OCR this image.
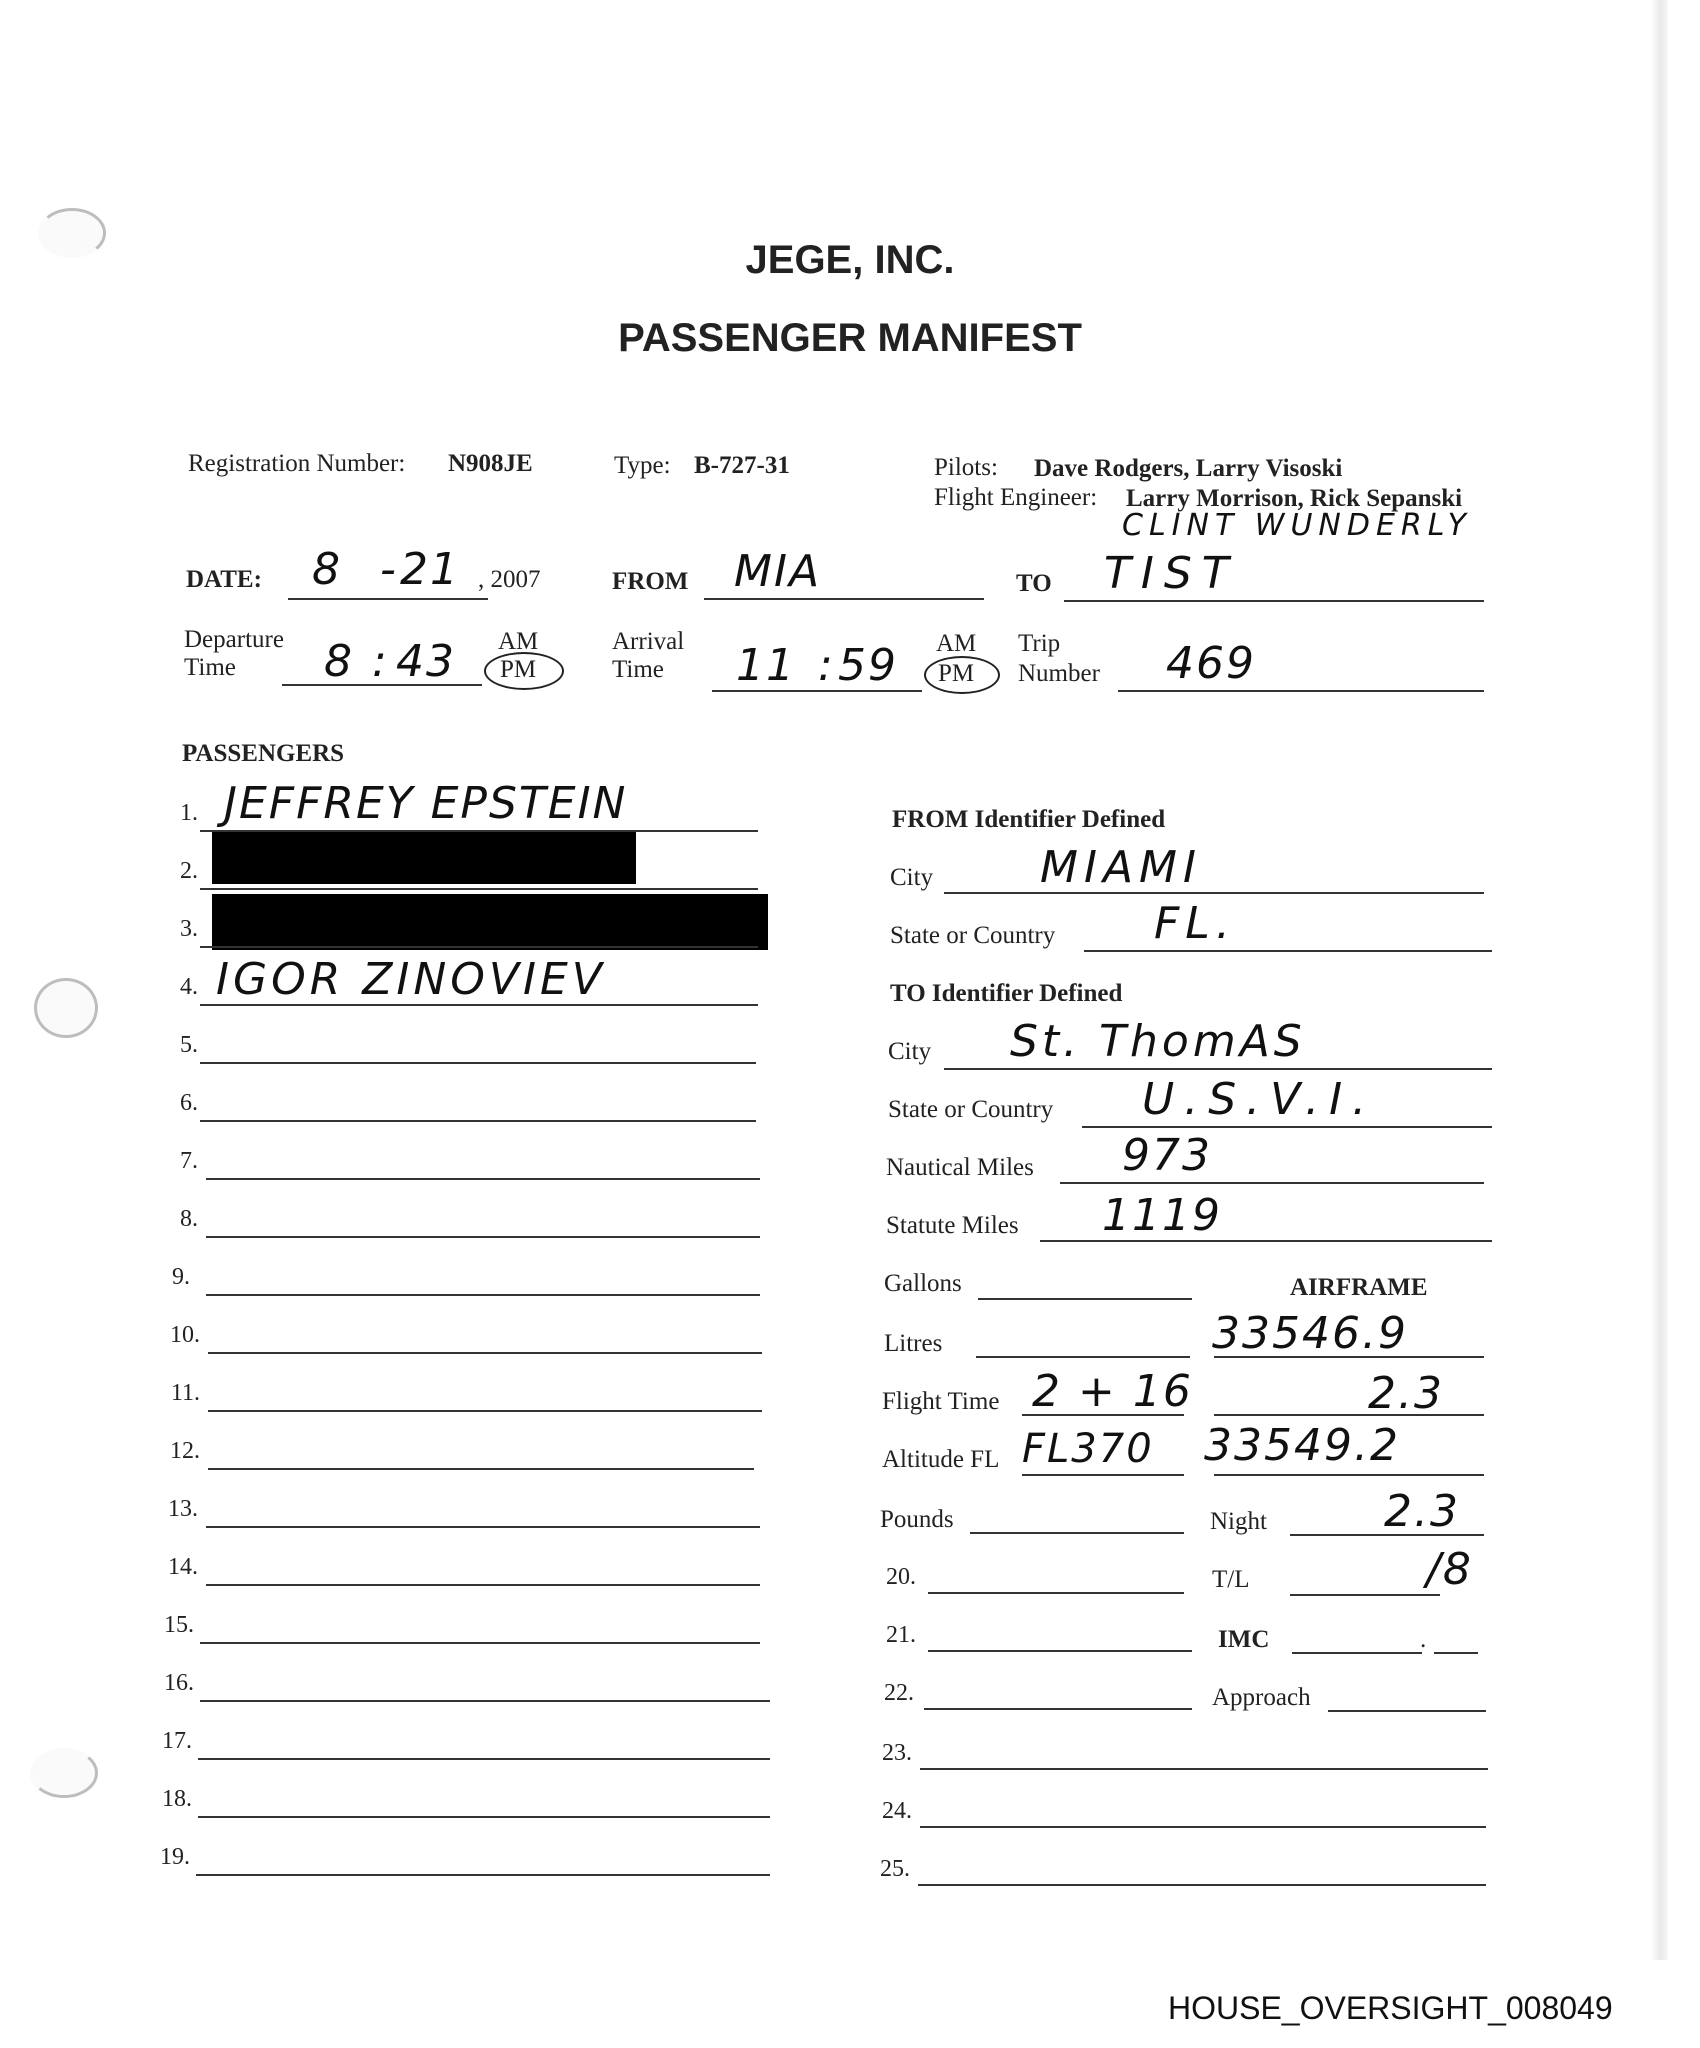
JEGE, INC.
PASSENGER MANIFEST
Registration Number: N908JE	Type: B-727-31	Pilots: Dave Rodgers, Larry Visoski
Flight Engineer: Larry Morrison, Rick Sepanski
CLINT WUNDERLY
DATE: 8 - 21 , 2007	FROM MIA	TO TIST
Departure
Time 8 : 43 AM
PM
Arrival
Time 11 : 59 AM
PM
Trip
Number 469
PASSENGERS
1. JEFFREY EPSTEIN
2.
3.
4. IGOR ZINOVIEV
5.
6.
7.
8.
9.
10.
11.
12.
13.
14.
15.
16.
17.
18.
19.
FROM Identifier Defined
City MIAMI
State or Country FL.
TO Identifier Defined
City St. ThomAS
State or Country U.S.V.I.
Nautical Miles 973
Statute Miles 1119
Gallons	AIRFRAME
Litres	33546.9
Flight Time 2 + 16	2.3
Altitude FL FL370 33549.2
Pounds	Night	2.3
20.	T/L	/8
21.	IMC	.
22.	Approach
23.
24.
25.
HOUSE_OVERSIGHT_008049
